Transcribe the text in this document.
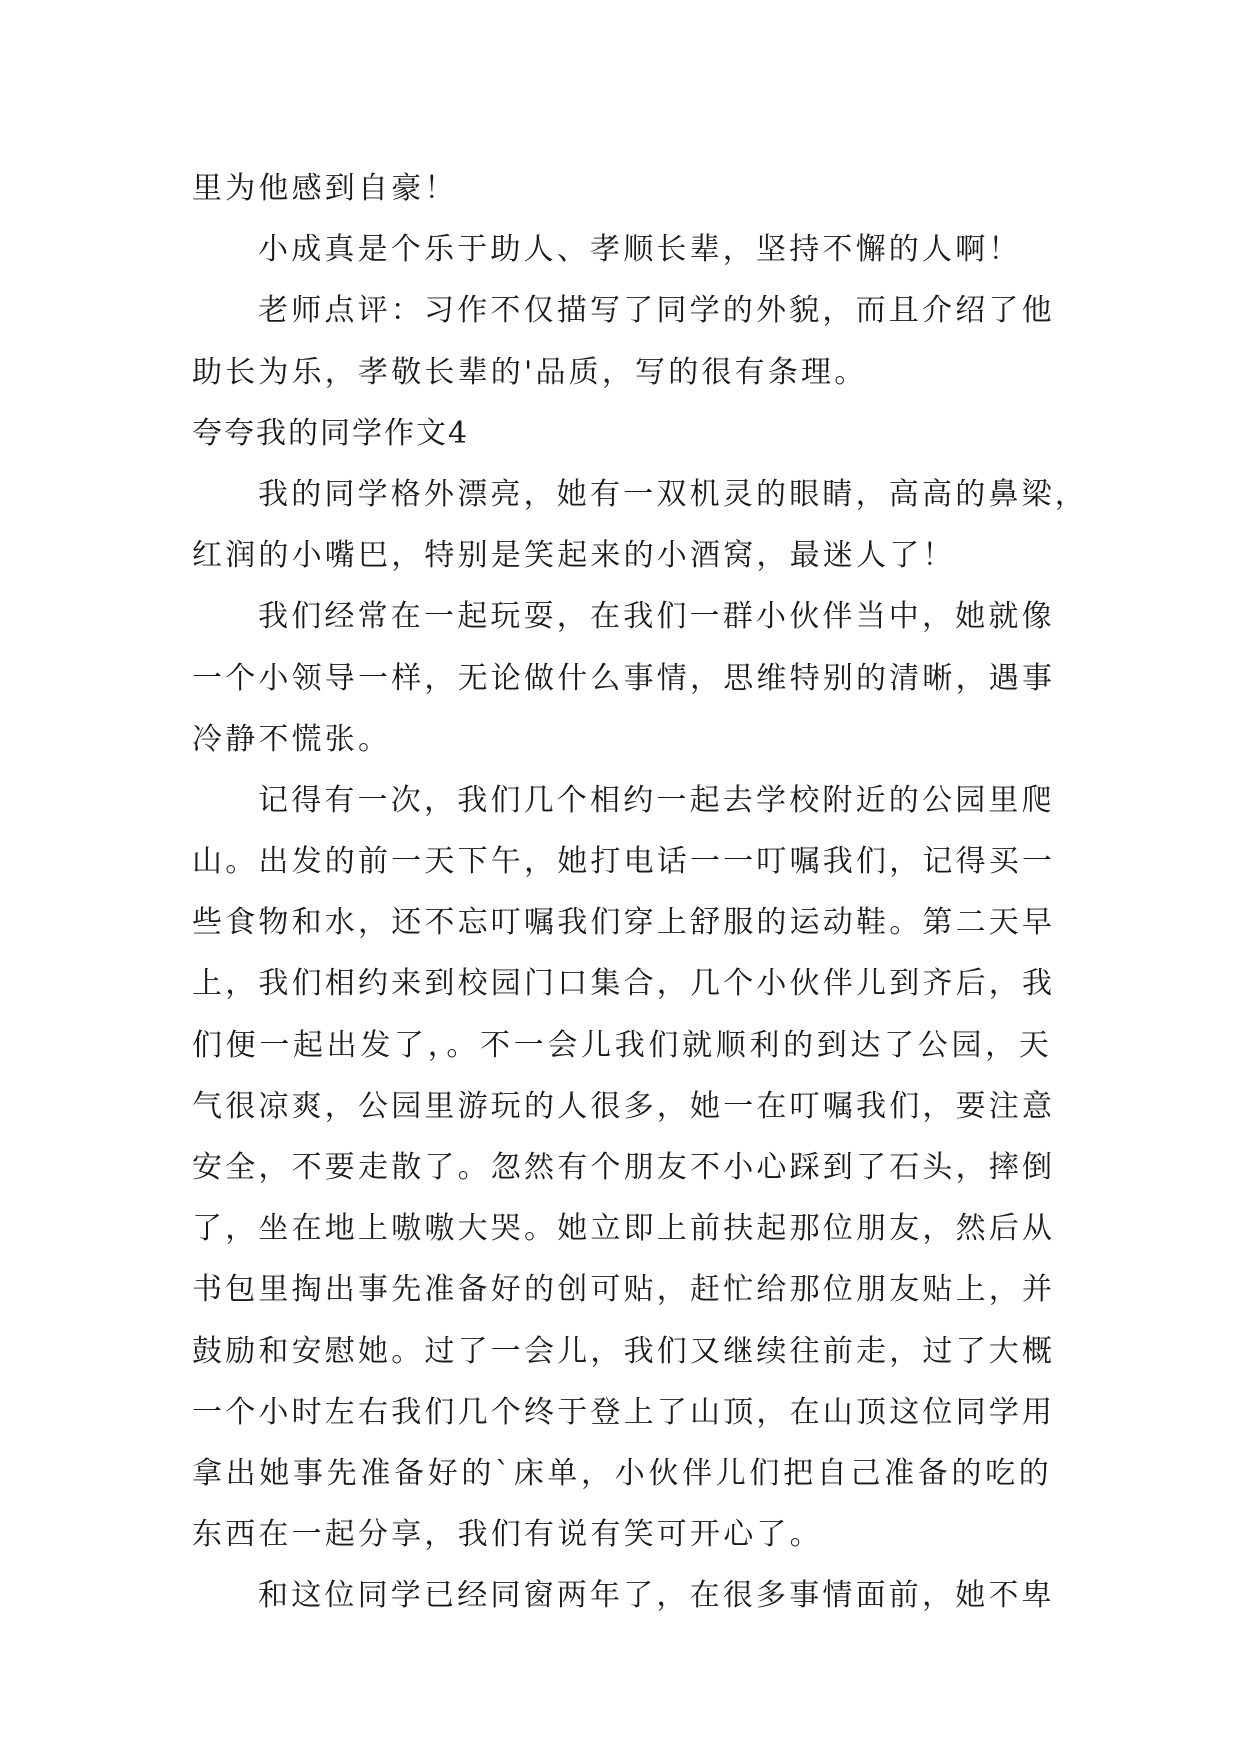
里为他感到自豪！
小成真是个乐于助人、孝顺长辈，坚持不懈的人啊！
老师点评：习作不仅描写了同学的外貌，而且介绍了他
助长为乐，孝敬长辈的'品质，写的很有条理。
夸夸我的同学作文4
我的同学格外漂亮，她有一双机灵的眼睛，高高的鼻梁，
红润的小嘴巴，特别是笑起来的小酒窝，最迷人了！
我们经常在一起玩耍，在我们一群小伙伴当中，她就像
一个小领导一样，无论做什么事情，思维特别的清晰，遇事
冷静不慌张。
记得有一次，我们几个相约一起去学校附近的公园里爬
山。出发的前一天下午，她打电话一一叮嘱我们，记得买一
些食物和水，还不忘叮嘱我们穿上舒服的运动鞋。第二天早
上，我们相约来到校园门口集合，几个小伙伴儿到齐后，我
们便一起出发了，。不一会儿我们就顺利的到达了公园，天
气很凉爽，公园里游玩的人很多，她一在叮嘱我们，要注意
安全，不要走散了。忽然有个朋友不小心踩到了石头，摔倒
了，坐在地上嗷嗷大哭。她立即上前扶起那位朋友，然后从
书包里掏出事先准备好的创可贴，赶忙给那位朋友贴上，并
鼓励和安慰她。过了一会儿，我们又继续往前走，过了大概
一个小时左右我们几个终于登上了山顶，在山顶这位同学用
拿出她事先准备好的`床单，小伙伴儿们把自己准备的吃的
东西在一起分享，我们有说有笑可开心了。
和这位同学已经同窗两年了，在很多事情面前，她不卑
